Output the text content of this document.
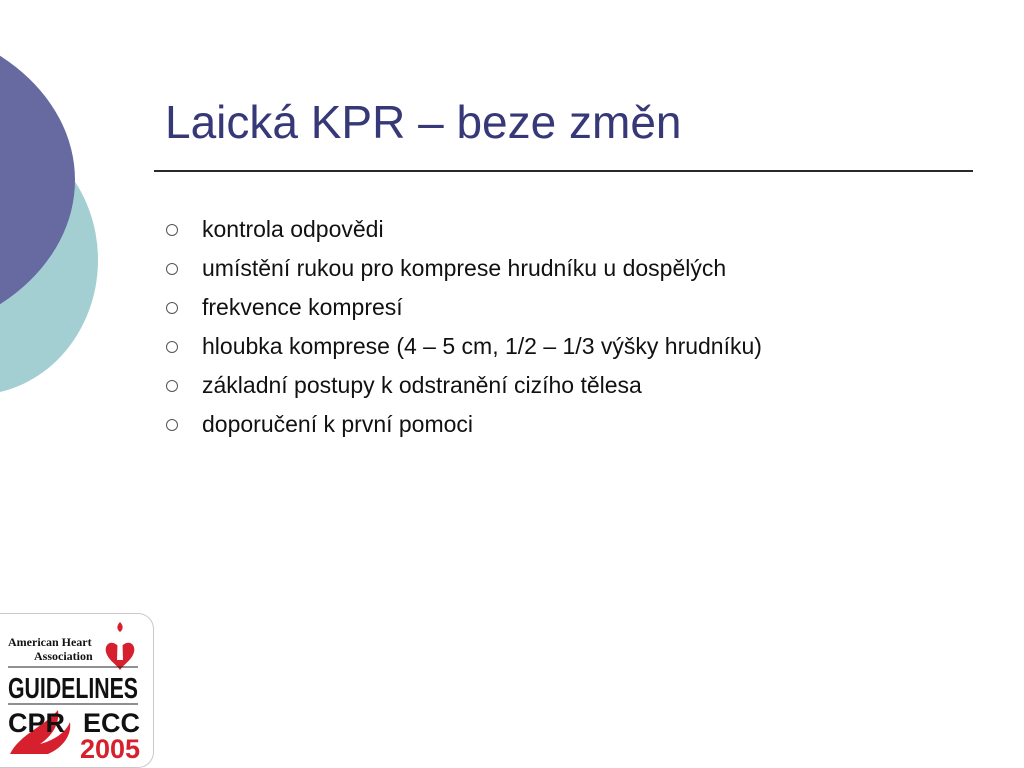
Laická KPR – beze změn
kontrola odpovědi
umístění rukou pro komprese hrudníku u dospělých
frekvence kompresí
hloubka komprese (4 – 5 cm, 1/2 – 1/3 výšky hrudníku)
základní postupy k odstranění cizího tělesa
doporučení k první pomoci
American Heart
Association
GUIDELINES
CPR ECC
2005
